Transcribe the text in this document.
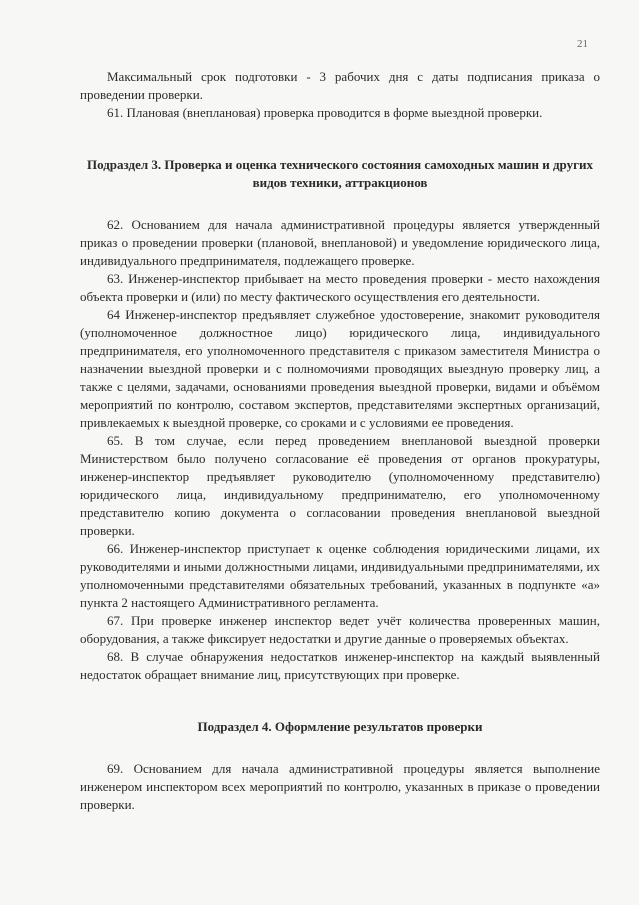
21

Максимальный срок подготовки - 3 рабочих дня с даты подписания приказа о проведении проверки.

61. Плановая (внеплановая) проверка проводится в форме выездной проверки.

Подраздел 3. Проверка и оценка технического состояния самоходных машин и других видов техники, аттракционов

62. Основанием для начала административной процедуры является утвержденный приказ о проведении проверки (плановой, внеплановой) и уведомление юридического лица, индивидуального предпринимателя, подлежащего проверке.

63. Инженер-инспектор прибывает на место проведения проверки - место нахождения объекта проверки и (или) по месту фактического осуществления его деятельности.

64 Инженер-инспектор предъявляет служебное удостоверение, знакомит руководителя (уполномоченное должностное лицо) юридического лица, индивидуального предпринимателя, его уполномоченного представителя с приказом заместителя Министра о назначении выездной проверки и с полномочиями проводящих выездную проверку лиц, а также с целями, задачами, основаниями проведения выездной проверки, видами и объёмом мероприятий по контролю, составом экспертов, представителями экспертных организаций, привлекаемых к выездной проверке, со сроками и с условиями ее проведения.

65. В том случае, если перед проведением внеплановой выездной проверки Министерством было получено согласование её проведения от органов прокуратуры, инженер-инспектор предъявляет руководителю (уполномоченному представителю) юридического лица, индивидуальному предпринимателю, его уполномоченному представителю копию документа о согласовании проведения внеплановой выездной проверки.

66. Инженер-инспектор приступает к оценке соблюдения юридическими лицами, их руководителями и иными должностными лицами, индивидуальными предпринимателями, их уполномоченными представителями обязательных требований, указанных в подпункте «а» пункта 2 настоящего Административного регламента.

67. При проверке инженер инспектор ведет учёт количества проверенных машин, оборудования, а также фиксирует недостатки и другие данные о проверяемых объектах.

68. В случае обнаружения недостатков инженер-инспектор на каждый выявленный недостаток обращает внимание лиц, присутствующих при проверке.

Подраздел 4. Оформление результатов проверки

69. Основанием для начала административной процедуры является выполнение инженером инспектором всех мероприятий по контролю, указанных в приказе о проведении проверки.
